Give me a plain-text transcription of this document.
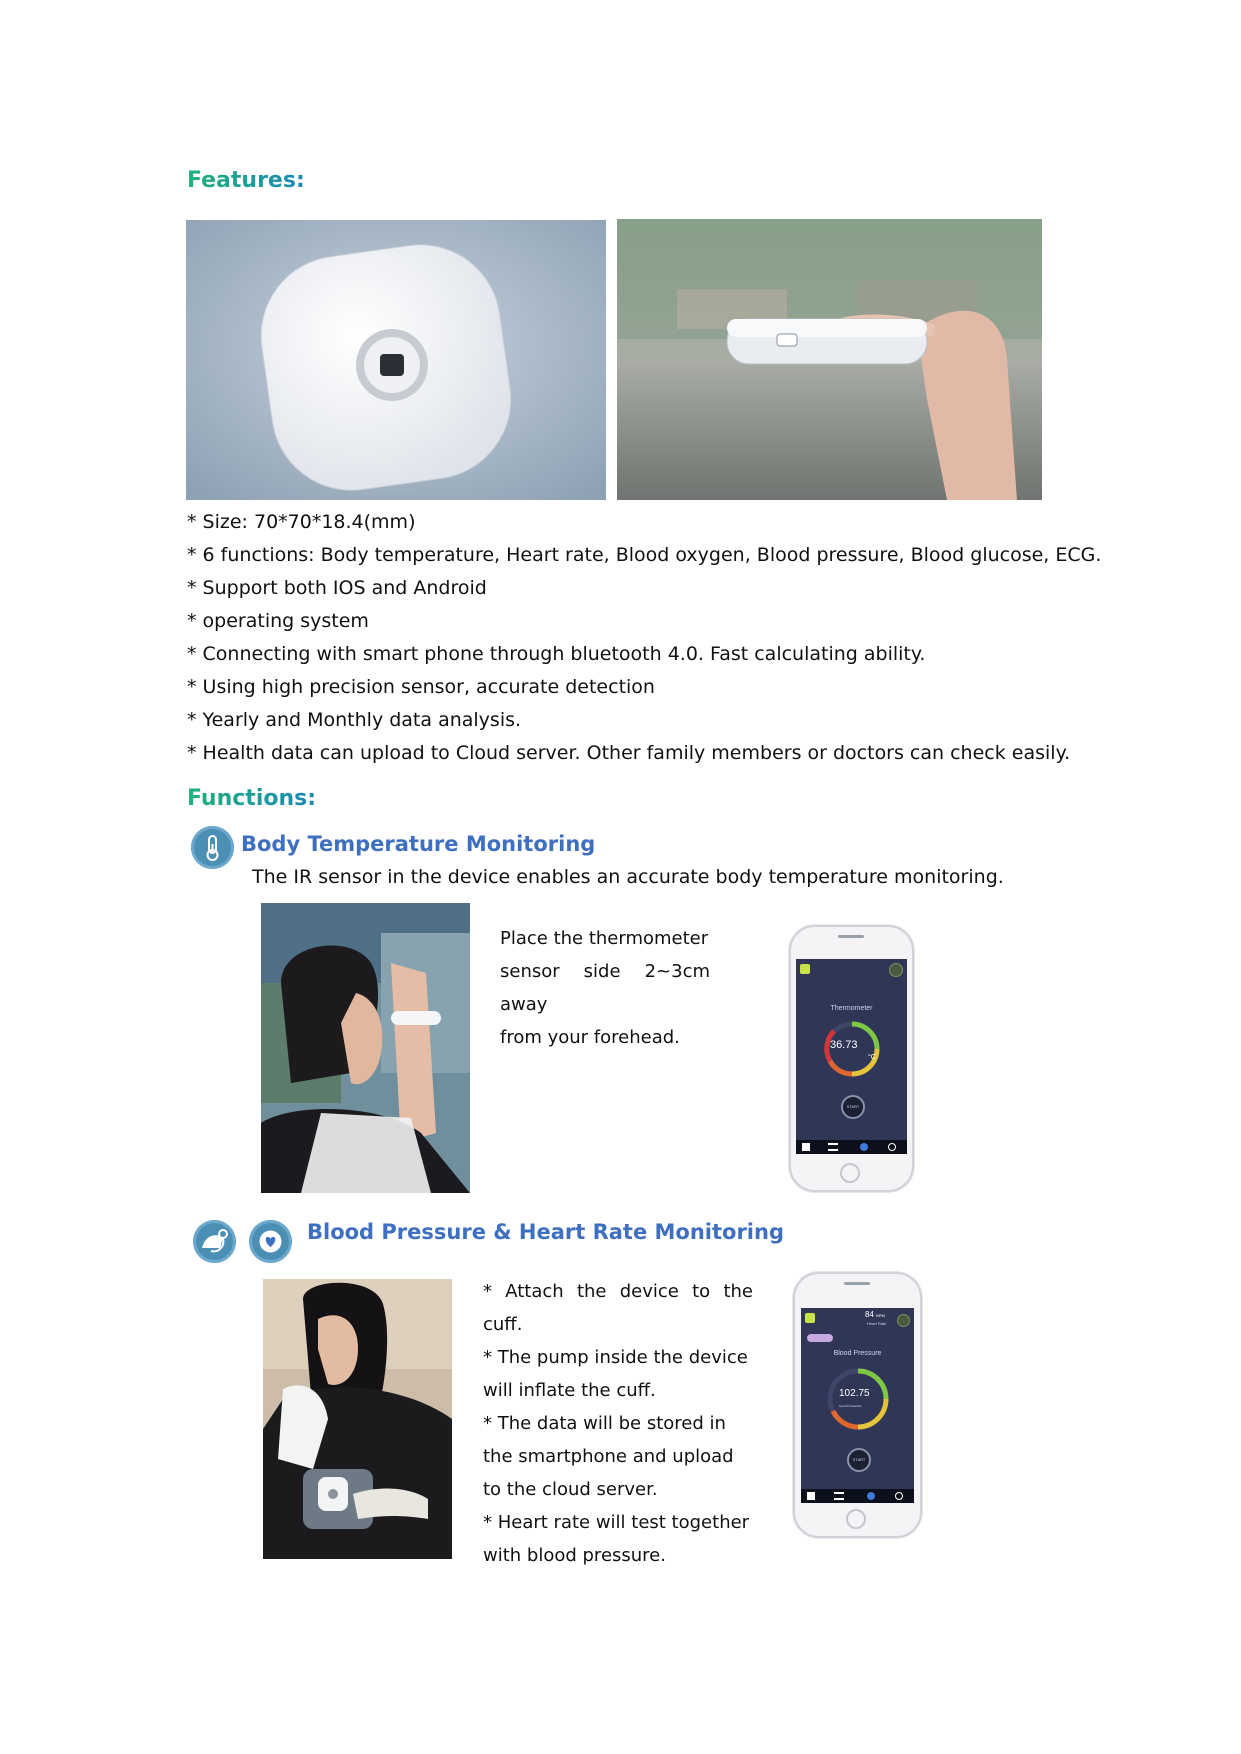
Features:
* Size: 70*70*18.4(mm)
* 6 functions: Body temperature, Heart rate, Blood oxygen, Blood pressure, Blood glucose, ECG.
* Support both IOS and Android
* operating system
* Connecting with smart phone through bluetooth 4.0. Fast calculating ability.
* Using high precision sensor, accurate detection
* Yearly and Monthly data analysis.
* Health data can upload to Cloud server. Other family members or doctors can check easily.
Functions:
Body Temperature Monitoring
The IR sensor in the device enables an accurate body temperature monitoring.
Place the thermometer
sensor side 2~3cm away
from your forehead.
Thermometer
36.73
°C
START
Blood Pressure & Heart Rate Monitoring
* Attach the device to the cuff.
* The pump inside the device
will inflate the cuff.
* The data will be stored in
the smartphone and upload
to the cloud server.
* Heart rate will test together
with blood pressure.
84 BPM
Heart Rate
Blood Pressure
102.75
Systolic Diastolic
START
